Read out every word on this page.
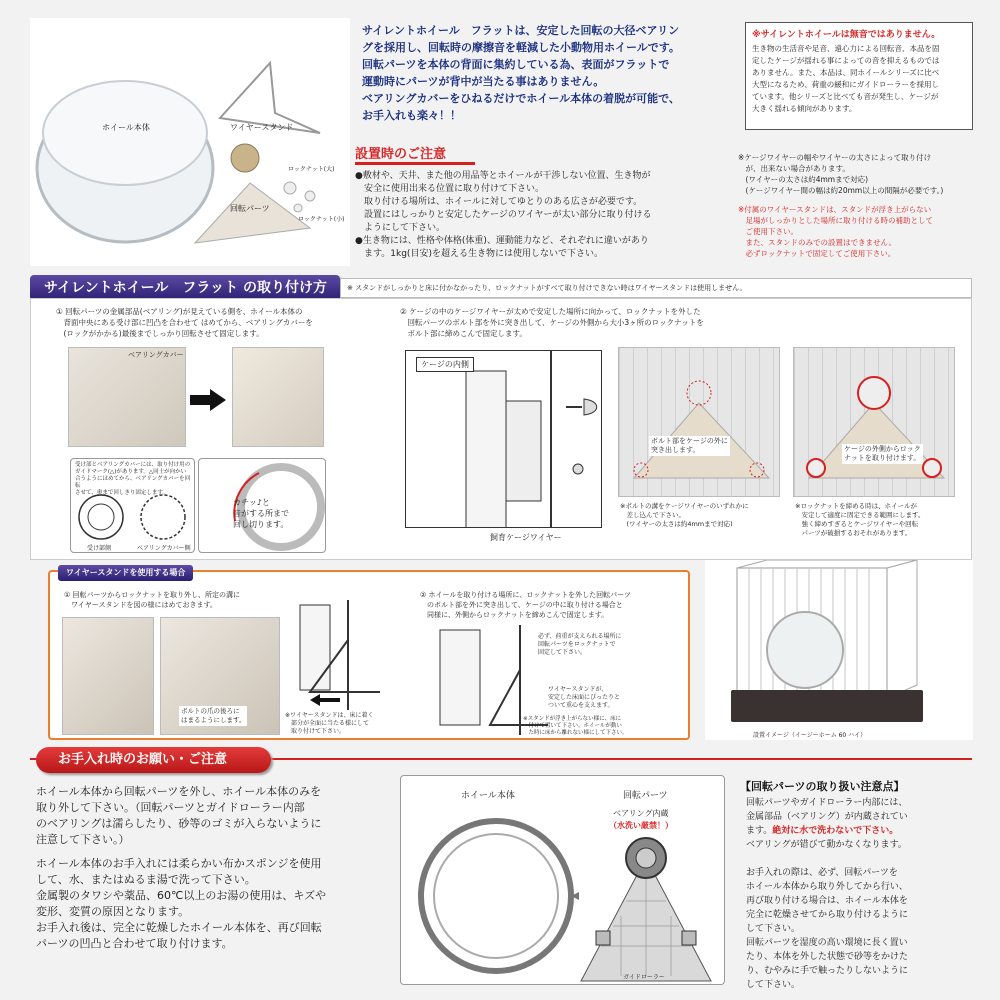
ホイール本体	ワイヤースタンド
ロックナット(大)
ロックナット(小)
回転パーツ
サイレントホイール　フラットは、安定した回転の大径ベアリン
グを採用し、回転時の摩擦音を軽減した小動物用ホイールです。
回転パーツを本体の背面に集約している為、表面がフラットで
運動時にパーツが背中が当たる事はありません。
ベアリングカバーをひねるだけでホイール本体の着脱が可能で、
お手入れも楽々！！
※サイレントホイールは無音ではありません。
生き物の生活音や足音、遠心力による回転音、本品を固
定したケージが揺れる事によっての音を抑えるものでは
ありません。また、本品は、同ホイールシリーズに比べ
大型になるため、荷重の緩和にガイドローラーを採用し
ています。他シリーズと比べても音が発生し、ケージが
大きく揺れる傾向があります。
設置時のご注意
●敷材や、天井、また他の用品等とホイールが干渉しない位置、生き物が
　安全に使用出来る位置に取り付けて下さい。
　取り付ける場所は、ホイールに対してゆとりのある広さが必要です。
　設置にはしっかりと安定したケージのワイヤーが太い部分に取り付ける
　ようにして下さい。
●生き物には、性格や体格(体重)、運動能力など、それぞれに違いがあり
　ます。1kg(目安)を超える生き物には使用しないで下さい。
※ケージワイヤーの幅やワイヤーの太さによって取り付け
　が、出来ない場合があります。
　(ワイヤーの太さは約4mmまで対応)
　(ケージワイヤー間の幅は約20mm以上の間隔が必要です。)
※付属のワイヤースタンドは、スタンドが浮き上がらない
　足場がしっかりとした場所に取り付ける時の補助として
　ご使用下さい。
　また、スタンドのみでの設置はできません。
　必ずロックナットで固定してご使用下さい。
サイレントホイール　フラット の取り付け方	※ スタンドがしっかりと床に付かなかったり、ロックナットがすべて取り付けできない時はワイヤースタンドは使用しません。
① 回転パーツの金属部品(ベアリング)が見えている側を、ホイール本体の
　背面中央にある受け部に凹凸を合わせて はめてから、ベアリングカバーを
　(ロックがかかる)最後までしっかり回転させて固定します。
ベアリングカバー
受け部とベアリングカバーには、取り付け用の
ガイドマーク(△)があります。△同士が向かい
合うようにはめてから、ベアリングカバーを回転
させて、奥まで回しきり固定します。
受け部側	ベアリングカバー側
カチッ♪と
音がする所まで
回し切ります。
② ケージの中のケージワイヤーが太めで安定した場所に向かって、ロックナットを外した
　回転パーツのボルト部を外に突き出して、ケージの外側から大小3ヶ所のロックナットを
　ボルト部に締めこんで固定します。
ケージの内側
飼育ケージワイヤー
ボルト部をケージの外に
突き出します。	ケージの外側からロック
ナットを取り付けます。
※ボルトの溝をケージワイヤーのいずれかに
　差し込んで下さい。
　(ワイヤーの太さは約4mmまで対応)
※ロックナットを締める時は、ホイールが
　安定して適度に固定できる範囲にします。
　強く締めすぎるとケージワイヤーや回転
　パーツが破損するおそれがあります。
ワイヤースタンドを使用する場合
① 回転パーツからロックナットを取り外し、所定の溝に
　ワイヤースタンドを図の様にはめておきます。
ボルトの爪の後ろに
はまるようにします。
※ワイヤースタンドは、床に着く
　部分が全面に当たる様にして
　取り付けて下さい。
② ホイールを取り付ける場所に、ロックナットを外した回転パーツ
　のボルト部を外に突き出して、ケージの中に取り付ける場合と
　同様に、外側からロックナットを締めこんで固定します。
必ず、荷重が支えられる場所に
回転パーツをロックナットで
固定して下さい。
ワイヤースタンドが、
安定した床面にぴったりと
ついて重心を支えます。
※スタンドが浮き上がらない様に、床に
　付けて置いて下さい。ホイールが動い
　た時に床から離れない様にして下さい。	設置イメージ（イージーホーム 60 ハイ）
お手入れ時のお願い・ご注意
ホイール本体から回転パーツを外し、ホイール本体のみを
取り外して下さい。（回転パーツとガイドローラー内部
のベアリングは濡らしたり、砂等のゴミが入らないように
注意して下さい。）
ホイール本体のお手入れには柔らかい布かスポンジを使用
して、水、またはぬるま湯で洗って下さい。
金属製のタワシや薬品、60℃以上のお湯の使用は、キズや
変形、変質の原因となります。
お手入れ後は、完全に乾燥したホイール本体を、再び回転
パーツの凹凸と合わせて取り付けます。
ホイール本体	回転パーツ
ベアリング内蔵
（水洗い厳禁！）
ガイドローラー
【回転パーツの取り扱い注意点】
回転パーツやガイドローラー内部には、
金属部品（ベアリング）が内蔵されてい
ます。絶対に水で洗わないで下さい。
ベアリングが错びて動かなくなります。
お手入れの際は、必ず、回転パーツを
ホイール本体から取り外してから行い、
再び取り付ける場合は、ホイール本体を
完全に乾燥させてから取り付けるように
して下さい。
回転パーツを湿度の高い環境に長く置い
たり、本体を外した状態で砂等をかけた
り、むやみに手で触ったりしないように
して下さい。
